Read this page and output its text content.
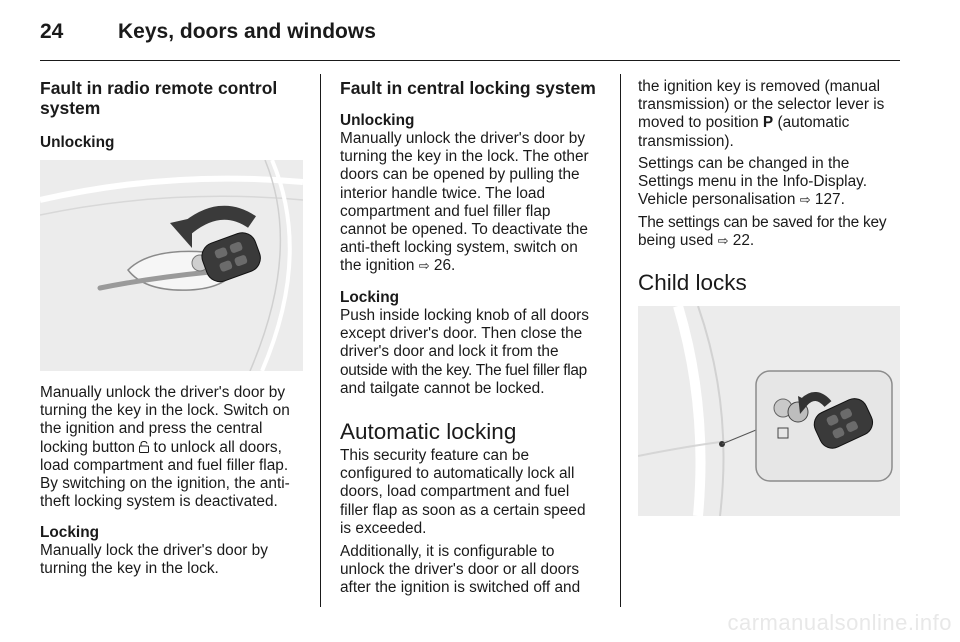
24	Keys, doors and windows
Fault in radio remote control
system
Unlocking

Manually unlock the driver's door by

turning the key in the lock. Switch on

the ignition and press the central

locking button  to unlock all doors,

load compartment and fuel filler flap.

By switching on the ignition, the anti-

theft locking system is deactivated.

Locking

Manually lock the driver's door by

turning the key in the lock.

Fault in central locking system
Unlocking

Manually unlock the driver's door by

turning the key in the lock. The other

doors can be opened by pulling the

interior handle twice. The load

compartment and fuel filler flap

cannot be opened. To deactivate the

anti-theft locking system, switch on

the ignition ⇨ 26.

Locking

Push inside locking knob of all doors

except driver's door. Then close the

driver's door and lock it from the

outside with the key. The fuel filler flap

and tailgate cannot be locked.

Automatic locking

This security feature can be

configured to automatically lock all

doors, load compartment and fuel

filler flap as soon as a certain speed

is exceeded.

Additionally, it is configurable to

unlock the driver's door or all doors

after the ignition is switched off and

the ignition key is removed (manual

transmission) or the selector lever is

moved to position P (automatic

transmission).

Settings can be changed in the

Settings menu in the Info-Display.

Vehicle personalisation ⇨ 127.

The settings can be saved for the key

being used ⇨ 22.

Child locks
carmanualsonline.info
